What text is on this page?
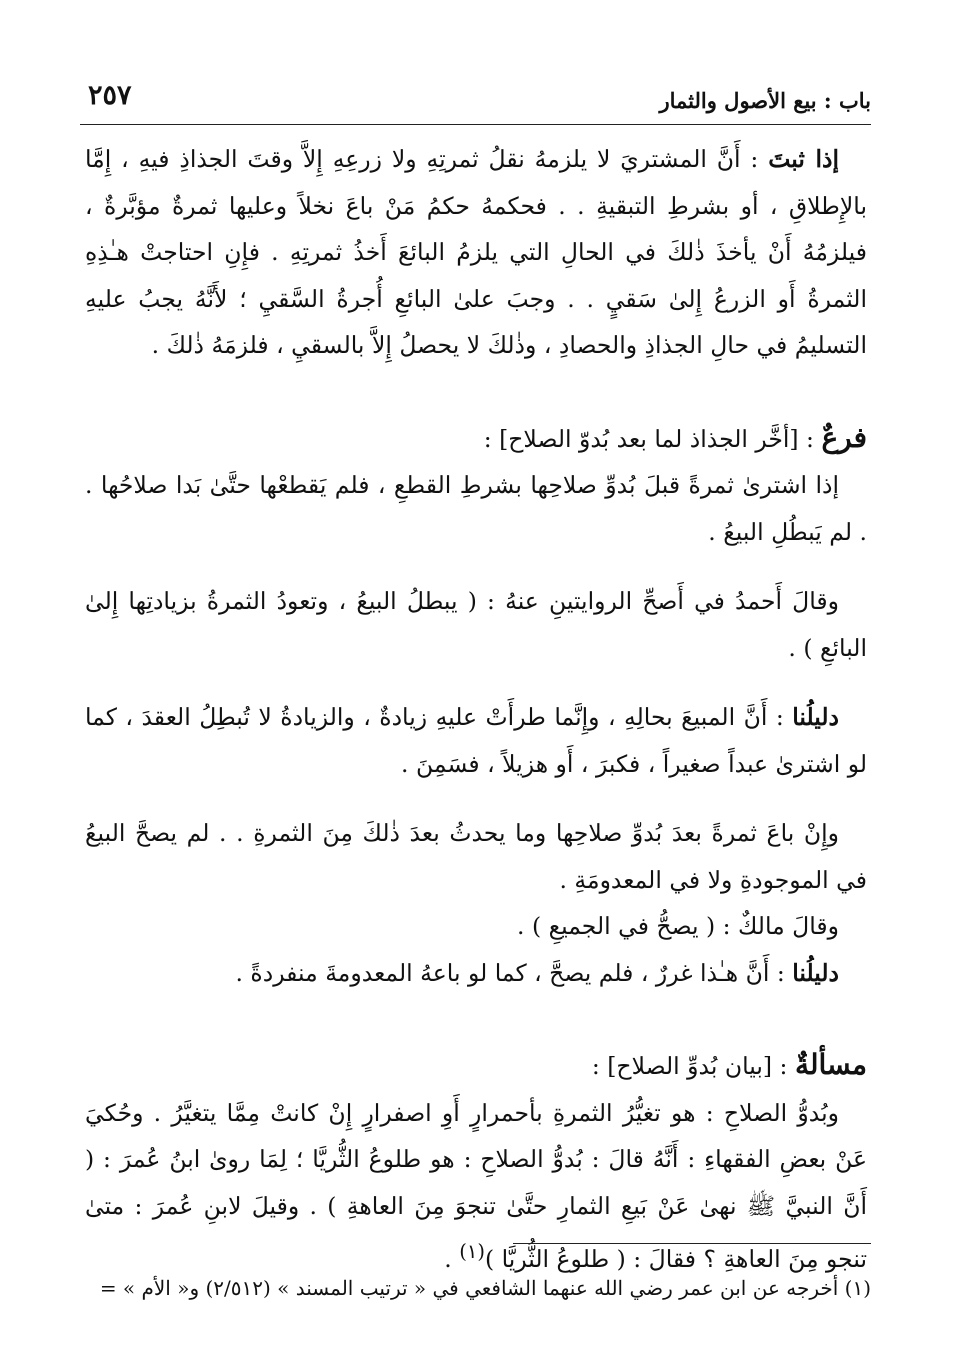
باب : بيع الأصول والثمار
٢٥٧

إذا ثبتَ : أَنَّ المشتريَ لا يلزمهُ نقلُ ثمرتِهِ ولا زرعِهِ إِلاَّ وقتَ الجذاذِ فيهِ ، إِمَّا بالإِطلاقِ ، أو بشرطِ التبقيةِ . . فحكمهُ حكمُ مَنْ باعَ نخلاً وعليها ثمرةٌ مؤبَّرةٌ ، فيلزمُهُ أَنْ يأخذَ ذٰلكَ في الحالِ التي يلزمُ البائعَ أَخذُ ثمرتِهِ . فإِنِ احتاجتْ هـٰذِهِ الثمرةُ أَو الزرعُ إِلىٰ سَقيٍ . . وجبَ علىٰ البائعِ أُجرةُ السَّقيِ ؛ لأَنَّهُ يجبُ عليهِ التسليمُ في حالِ الجذاذِ والحصادِ ، وذٰلكَ لا يحصلُ إِلاَّ بالسقيِ ، فلزمَهُ ذٰلكَ .

فرعٌ : [أخَّر الجذاذ لما بعد بُدوّ الصلاح] :

إذا اشترىٰ ثمرةً قبلَ بُدوِّ صلاحِها بشرطِ القطعِ ، فلم يَقطعْها حتَّىٰ بَدا صلاحُها . . لم يَبطُلِ البيعُ .

وقالَ أَحمدُ في أَصحِّ الروايتينِ عنهُ : ( يبطلُ البيعُ ، وتعودُ الثمرةُ بزيادتِها إِلىٰ البائعِ ) .

دليلُنا : أَنَّ المبيعَ بحالِهِ ، وإِنَّما طرأَتْ عليهِ زيادةٌ ، والزيادةُ لا تُبطِلُ العقدَ ، كما لو اشترىٰ عبداً صغيراً ، فكبرَ ، أَو هزيلاً ، فسَمِنَ .

وإِنْ باعَ ثمرةً بعدَ بُدوِّ صلاحِها وما يحدثُ بعدَ ذٰلكَ مِنَ الثمرةِ . . لم يصحَّ البيعُ في الموجودةِ ولا في المعدومَةِ .

وقالَ مالكٌ : ( يصحُّ في الجميعِ ) .

دليلُنا : أَنَّ هـٰذا غررٌ ، فلم يصحَّ ، كما لو باعهُ المعدومةَ منفردةً .

مسألةٌ : [بيان بُدوِّ الصلاح] :

وبُدوُّ الصلاحِ : هو تغيُّرُ الثمرةِ بأحمرارٍ أَوِ اصفرارٍ إِنْ كانتْ مِمَّا يتغيَّرُ . وحُكيَ عَنْ بعضِ الفقهاءِ : أَنَّهُ قالَ : بُدوُّ الصلاحِ : هو طلوعُ الثُّريَّا ؛ لِمَا روىٰ ابنُ عُمرَ : ( أَنَّ النبيَّ ﷺ نهىٰ عَنْ بَيعِ الثمارِ حتَّىٰ تنجوَ مِنَ العاهةِ ) . وقيلَ لابنِ عُمرَ : متىٰ تنجو مِنَ العاهةِ ؟ فقالَ : ( طلوعُ الثُّريَّا )$^{(١)}$ .

(١) أخرجه عن ابن عمر رضي الله عنهما الشافعي في « ترتيب المسند » (٢/٥١٢) و« الأم » =
